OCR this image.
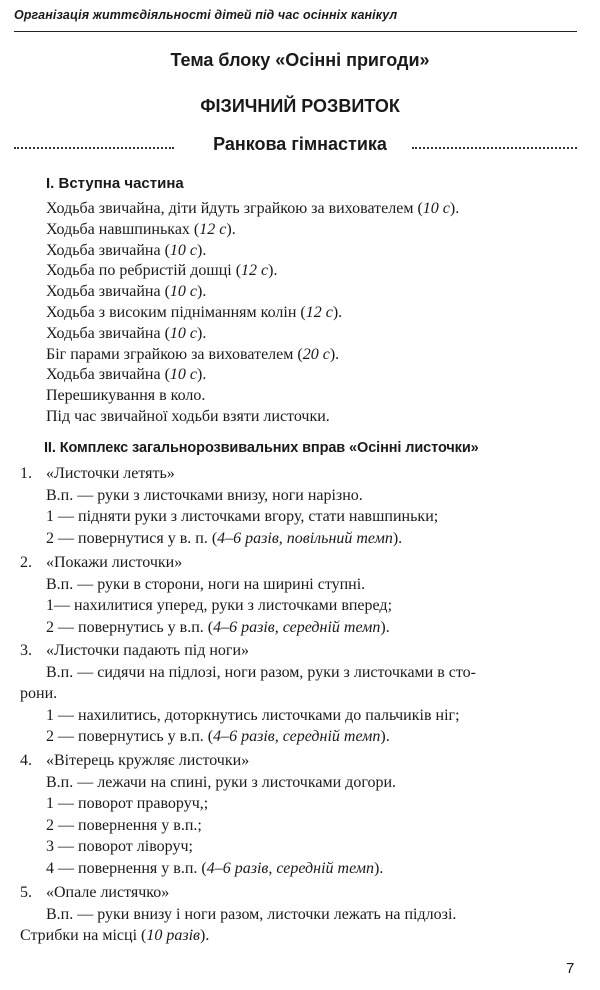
Організація життєдіяльності дітей під час осінніх канікул
Тема блоку «Осінні пригоди»
ФІЗИЧНИЙ РОЗВИТОК
Ранкова гімнастика
I. Вступна частина
Ходьба звичайна, діти йдуть зграйкою за вихователем (10 с).
Ходьба навшпиньках (12 с).
Ходьба звичайна (10 с).
Ходьба по ребристій дошці (12 с).
Ходьба звичайна (10 с).
Ходьба з високим підніманням колін (12 с).
Ходьба звичайна (10 с).
Біг парами зграйкою за вихователем (20 с).
Ходьба звичайна (10 с).
Перешикування в коло.
Під час звичайної ходьби взяти листочки.
II. Комплекс загальнорозвивальних вправ «Осінні листочки»
1. «Листочки летять»
В.п. — руки з листочками внизу, ноги нарізно.
1 — підняти руки з листочками вгору, стати навшпиньки;
2 — повернутися у в. п. (4–6 разів, повільний темп).
2. «Покажи листочки»
В.п. — руки в сторони, ноги на ширині ступні.
1— нахилитися уперед, руки з листочками вперед;
2 — повернутись у в.п. (4–6 разів, середній темп).
3. «Листочки падають під ноги»
В.п. — сидячи на підлозі, ноги разом, руки з листочками в сто-
рони.
1 — нахилитись, доторкнутись листочками до пальчиків ніг;
2 — повернутись у в.п. (4–6 разів, середній темп).
4. «Вітерець кружляє листочки»
В.п. — лежачи на спині, руки з листочками догори.
1 — поворот праворуч,;
2 — повернення у в.п.;
3 — поворот ліворуч;
4 — повернення у в.п. (4–6 разів, середній темп).
5. «Опале листячко»
В.п. — руки внизу і ноги разом, листочки лежать на підлозі.
Стрибки на місці (10 разів).
7
